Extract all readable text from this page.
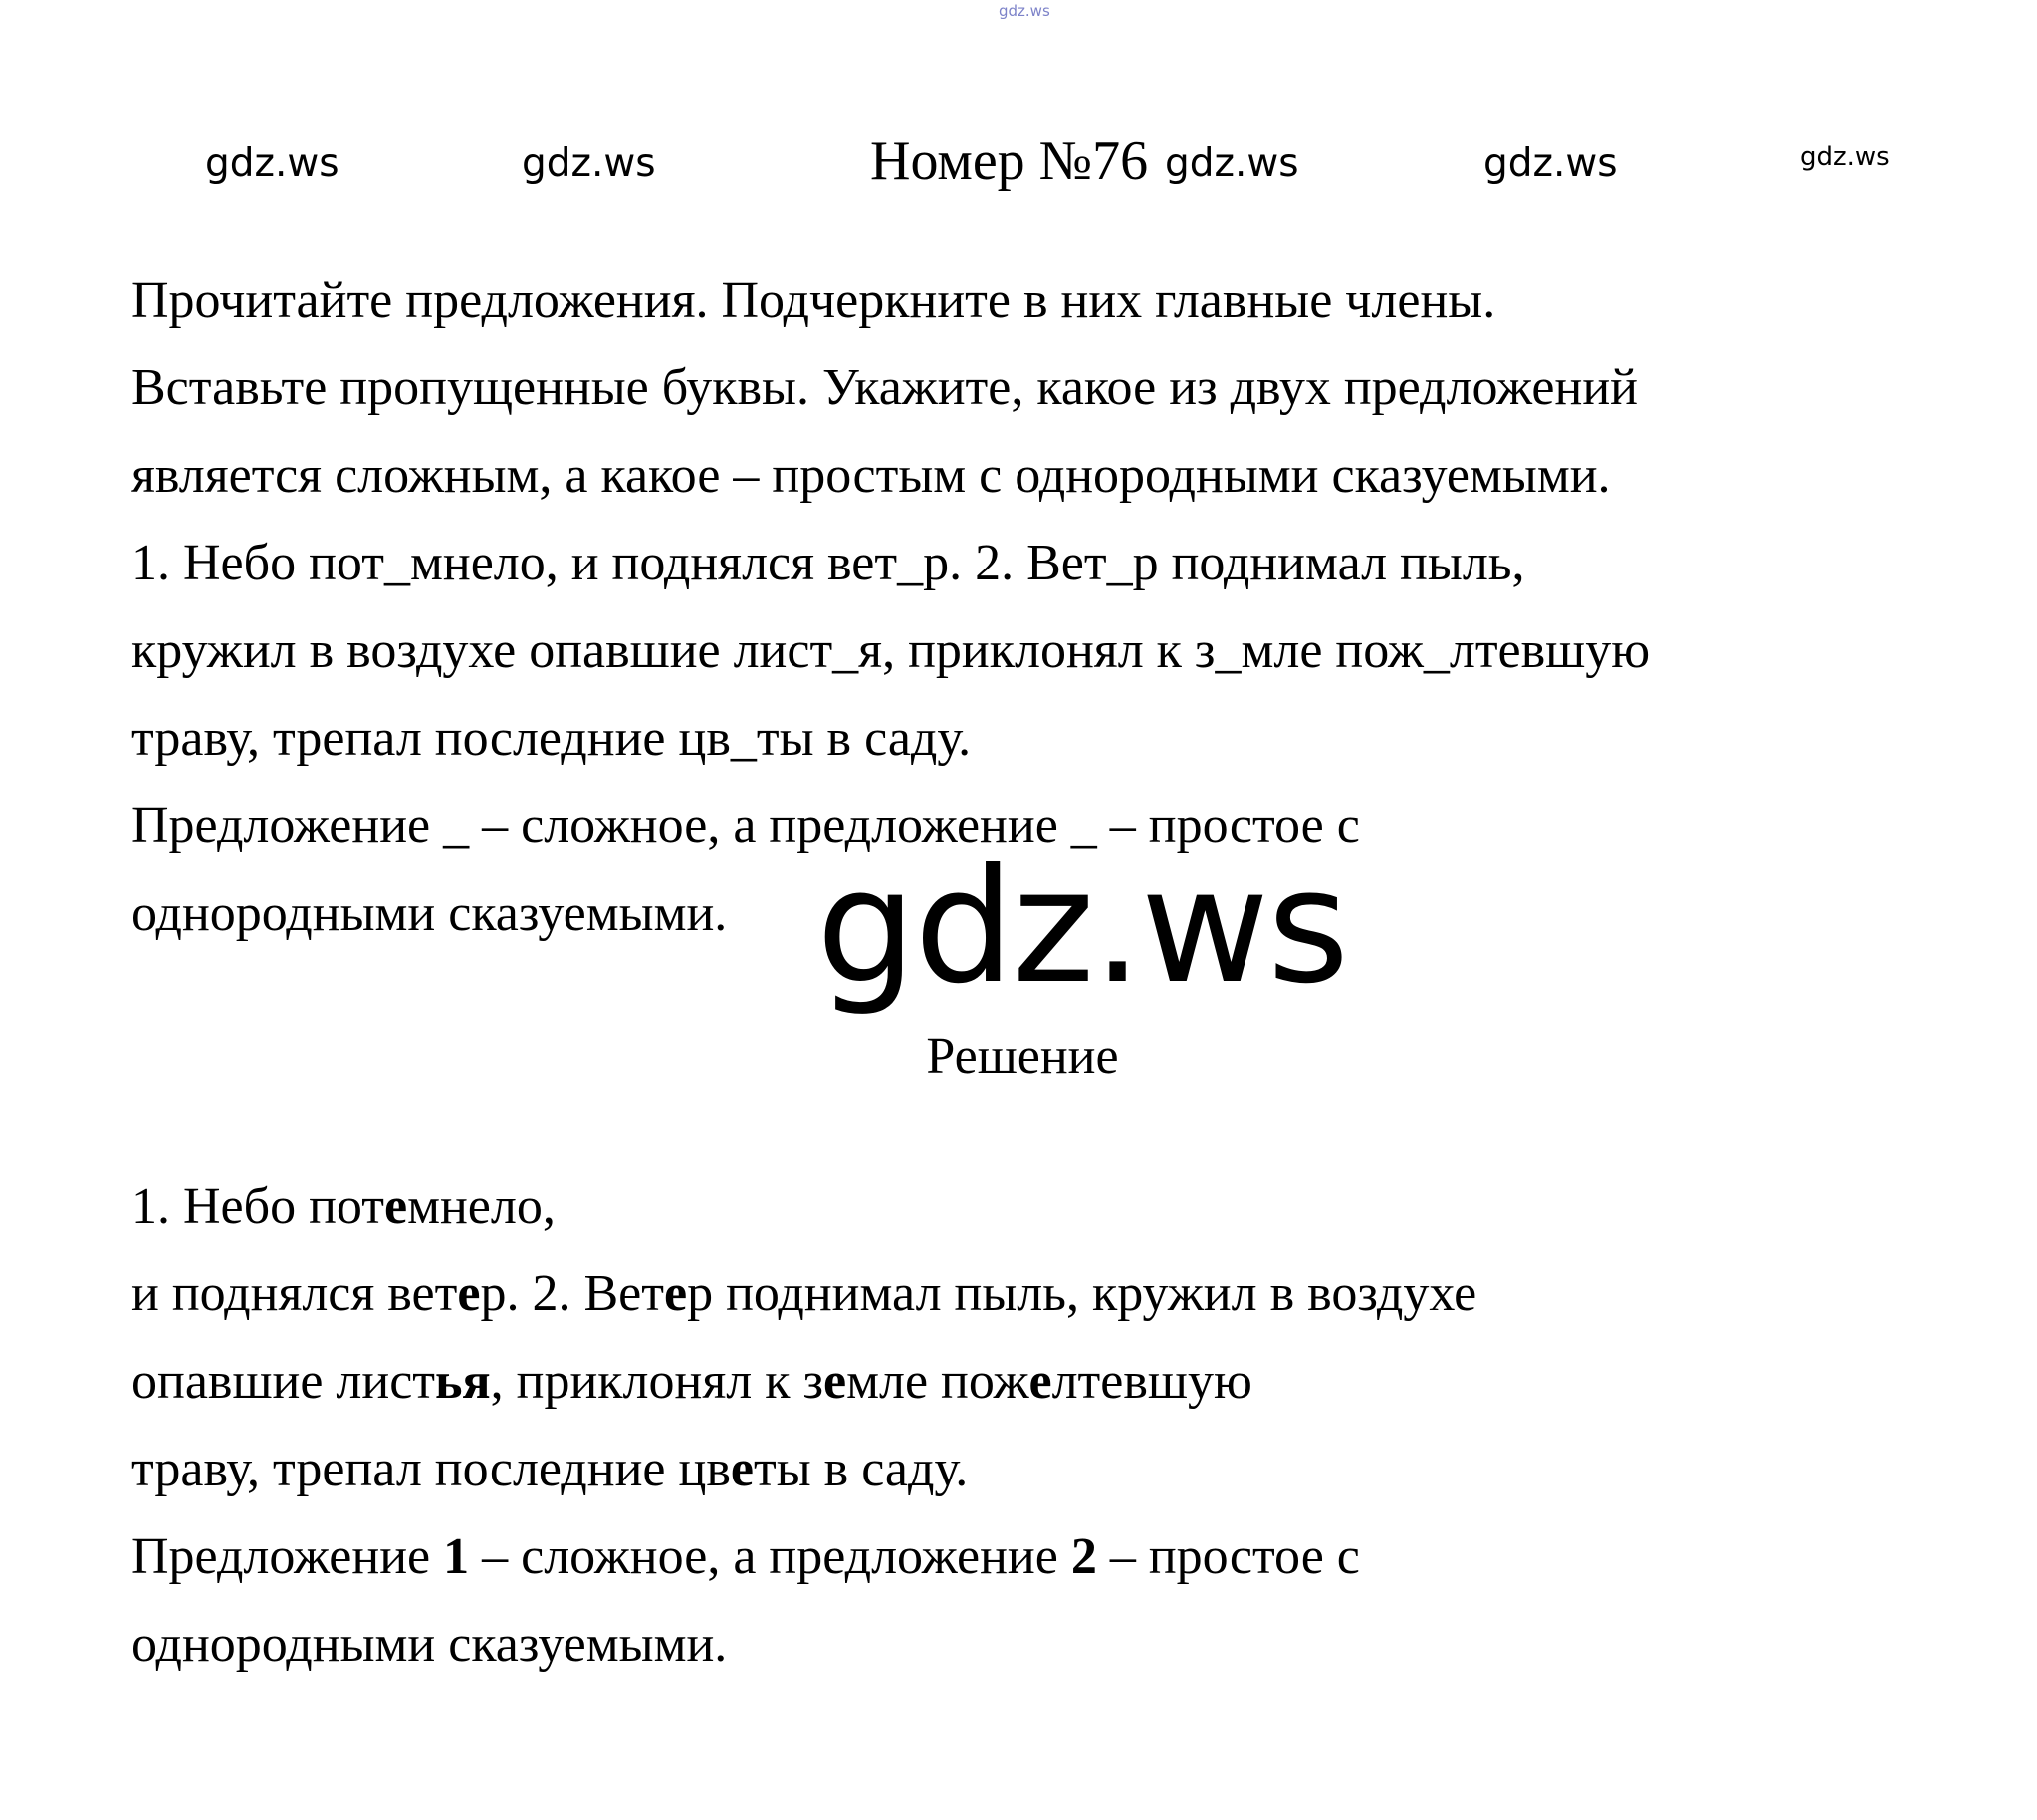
gdz.ws
gdz.ws	gdz.ws	gdz.ws	gdz.ws	gdz.ws
Номер №76
Прочитайте предложения. Подчеркните в них главные члены.
Вставьте пропущенные буквы. Укажите, какое из двух предложений
является сложным, а какое – простым с однородными сказуемыми.
1. Небо пот_мнело, и поднялся вет_р. 2. Вет_р поднимал пыль,
кружил в воздухе опавшие лист_я, приклонял к з_мле пож_лтевшую
траву, трепал последние цв_ты в саду.
Предложение _ – сложное, а предложение _ – простое с
однородными сказуемыми. gdz.ws
Решение
1. Небо потемнело,
и поднялся ветер. 2. Ветер поднимал пыль, кружил в воздухе
опавшие листья, приклонял к земле пожелтевшую
траву, трепал последние цветы в саду.
Предложение 1 – сложное, а предложение 2 – простое с
однородными сказуемыми.
